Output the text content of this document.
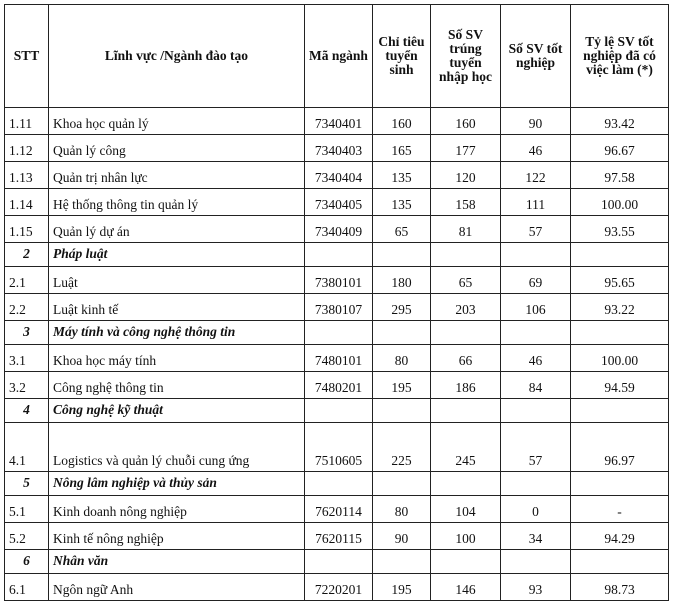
STT	Lĩnh vực /Ngành đào tạo	Mã ngành	Chỉ tiêu tuyển sinh	Số SV trúng tuyển nhập học	Số SV tốt nghiệp	Tỷ lệ SV tốt nghiệp đã có việc làm (*)
1.11	Khoa học quản lý	7340401	160	160	90	93.42
1.12	Quản lý công	7340403	165	177	46	96.67
1.13	Quản trị nhân lực	7340404	135	120	122	97.58
1.14	Hệ thống thông tin quản lý	7340405	135	158	111	100.00
1.15	Quản lý dự án	7340409	65	81	57	93.55
2	Pháp luật					
2.1	Luật	7380101	180	65	69	95.65
2.2	Luật kinh tế	7380107	295	203	106	93.22
3	Máy tính và công nghệ thông tin					
3.1	Khoa học máy tính	7480101	80	66	46	100.00
3.2	Công nghệ thông tin	7480201	195	186	84	94.59
4	Công nghệ kỹ thuật					
4.1	Logistics và quản lý chuỗi cung ứng	7510605	225	245	57	96.97
5	Nông lâm nghiệp và thủy sản					
5.1	Kinh doanh nông nghiệp	7620114	80	104	0	-
5.2	Kinh tế nông nghiệp	7620115	90	100	34	94.29
6	Nhân văn					
6.1	Ngôn ngữ Anh	7220201	195	146	93	98.73
